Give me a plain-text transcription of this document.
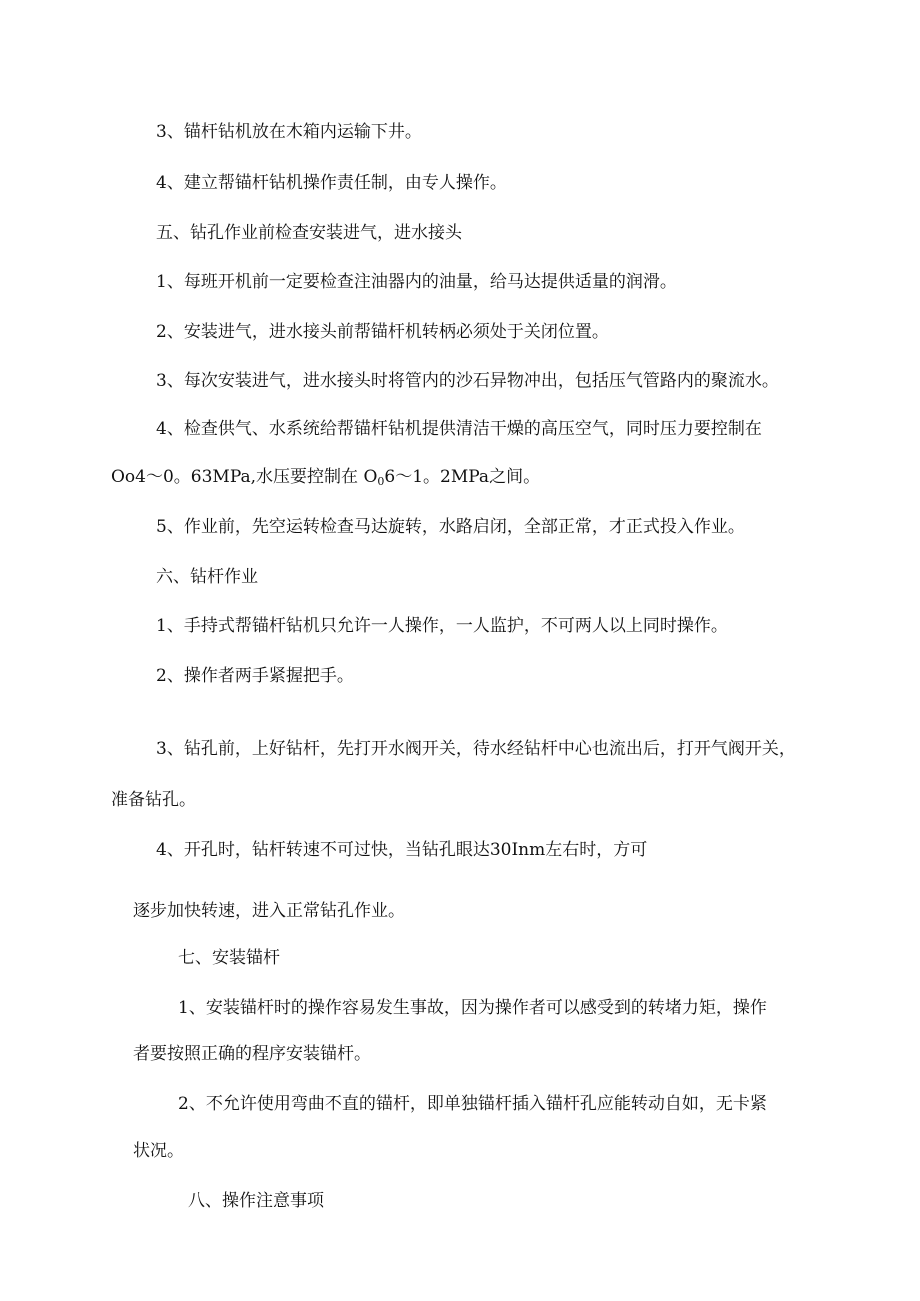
3、锚杆钻机放在木箱内运输下井。

4、建立帮锚杆钻机操作责任制，由专人操作。

五、钻孔作业前检查安装进气，进水接头

1、每班开机前一定要检查注油器内的油量，给马达提供适量的润滑。

2、安装进气，进水接头前帮锚杆机转柄必须处于关闭位置。

3、每次安装进气，进水接头时将管内的沙石异物冲出，包括压气管路内的聚流水。

4、检查供气、水系统给帮锚杆钻机提供清洁干燥的高压空气，同时压力要控制在

Oo4～0。63MPa,水压要控制在 $O_06\sim 1$。2MPa之间。

5、作业前，先空运转检查马达旋转，水路启闭，全部正常，才正式投入作业。

六、钻杆作业

1、手持式帮锚杆钻机只允许一人操作，一人监护，不可两人以上同时操作。

2、操作者两手紧握把手。

3、钻孔前，上好钻杆，先打开水阀开关，待水经钻杆中心也流出后，打开气阀开关，

准备钻孔。

4、开孔时，钻杆转速不可过快，当钻孔眼达30Inm左右时，方可

逐步加快转速，进入正常钻孔作业。

七、安装锚杆

1、安装锚杆时的操作容易发生事故，因为操作者可以感受到的转堵力矩，操作

者要按照正确的程序安装锚杆。

2、不允许使用弯曲不直的锚杆，即单独锚杆插入锚杆孔应能转动自如，无卡紧

状况。

八、操作注意事项
